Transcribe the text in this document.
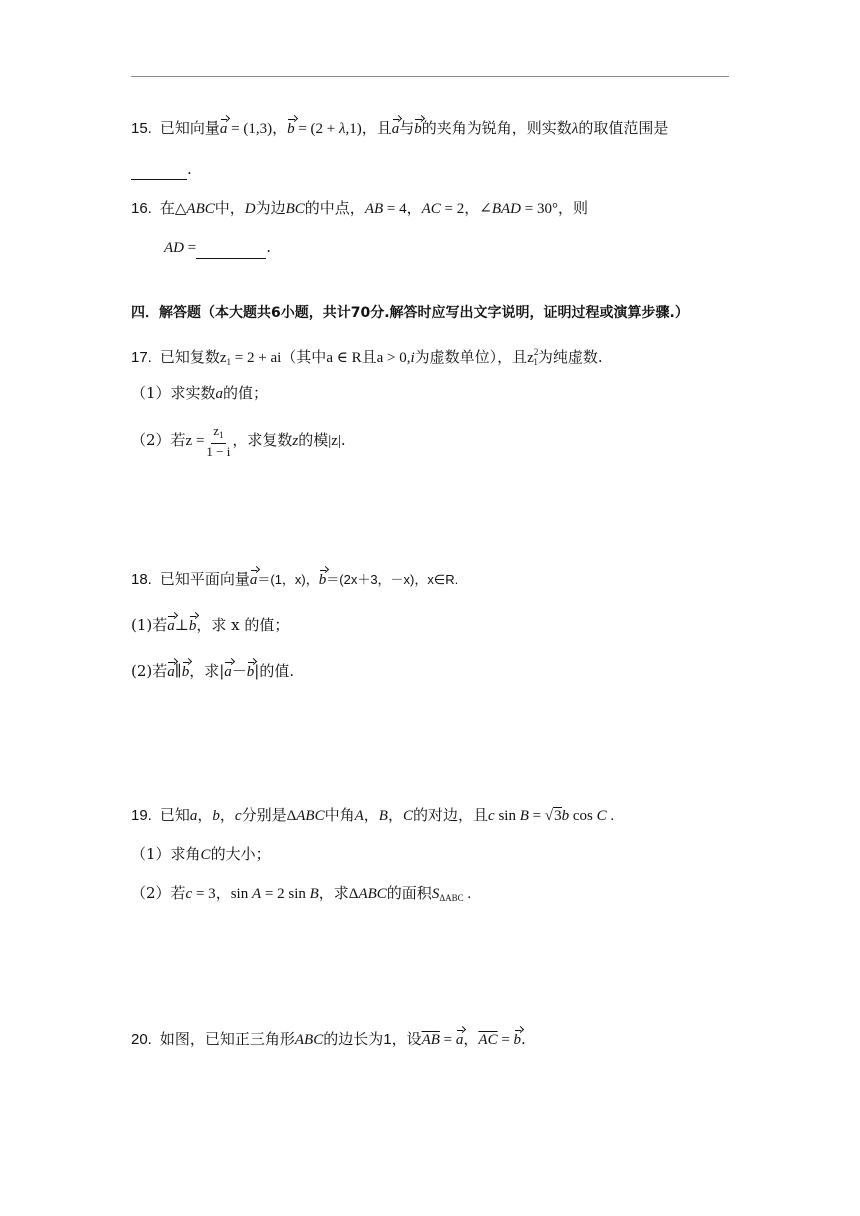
15. 已知向量a = (1,3)，b = (2 + λ,1)，且a与b的夹角为锐角，则实数λ的取值范围是
.
16. 在△ABC中，D为边BC的中点，AB = 4，AC = 2，∠BAD = 30°，则
AD =	.
四．解答题（本大题共6小题，共计70分.解答时应写出文字说明，证明过程或演算步骤.）
17. 已知复数$z_1 = 2 + ai$（其中a ∈ R且a > 0,i为虚数单位），且$z^2_1$为纯虚数.
（1）求实数a的值；
（2）若$z = \frac{z_1}{1 - i}$ ，求复数z的模|z|.
18. 已知平面向量a＝(1，x)，b＝(2x＋3，－x)，x∈R.
(1)若a⊥b，求 x 的值；
(2)若a∥b，求|a－b|的值.
19. 已知a，b，c分别是ΔABC中角A，B，C的对边，且c sin B = √3b cos C .
（1）求角C的大小；
（2）若c = 3，sin A = 2 sin B，求ΔABC的面积$S_{\Delta ABC}$ .
20. 如图，已知正三角形ABC的边长为1，设$\overline{AB} = a$，$\overline{AC} = b$.
